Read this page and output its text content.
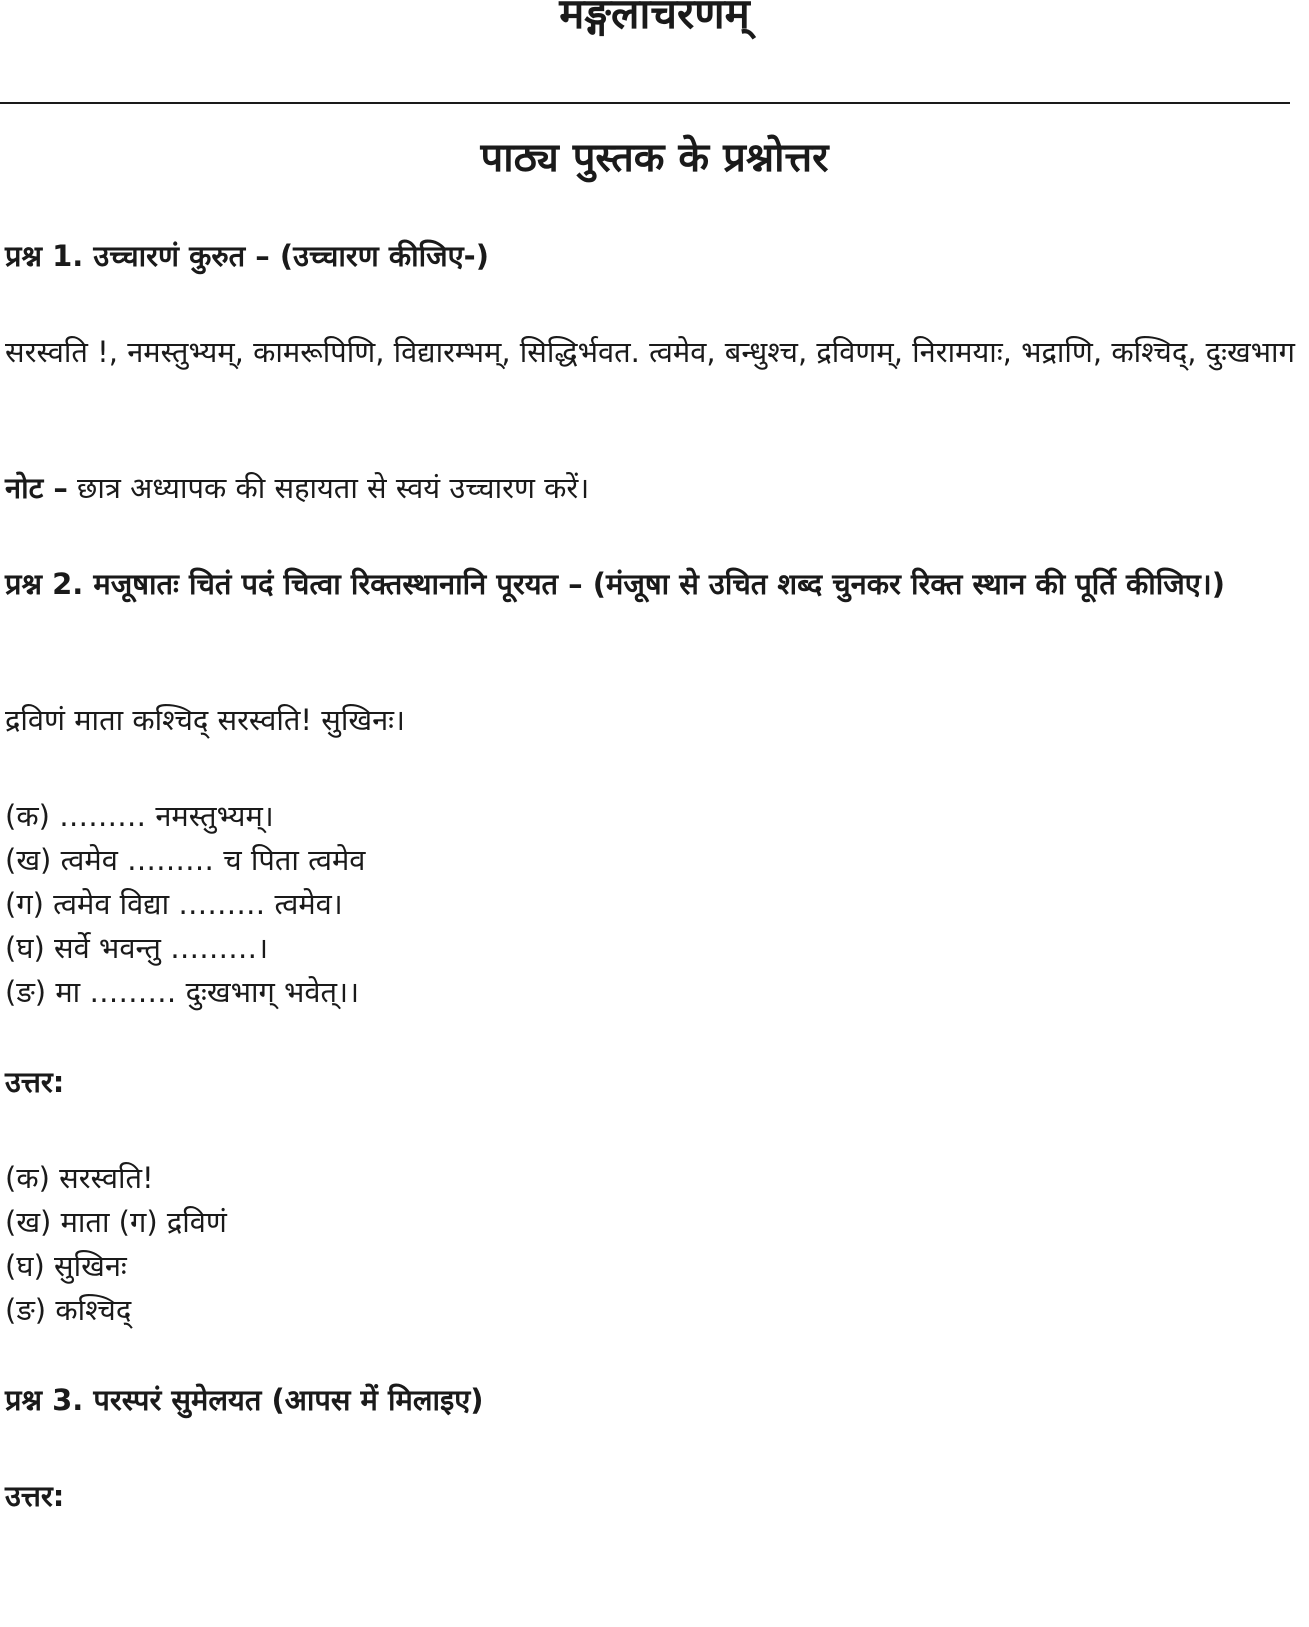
मङ्गलाचरणम्
पाठ्य पुस्तक के प्रश्नोत्तर
प्रश्न 1. उच्चारणं कुरुत – (उच्चारण कीजिए-)
सरस्वति !, नमस्तुभ्यम्, कामरूपिणि, विद्यारम्भम्, सिद्धिर्भवत. त्वमेव, बन्धुश्च, द्रविणम्, निरामयाः, भद्राणि, कश्चिद्, दुःखभाग
नोट – छात्र अध्यापक की सहायता से स्वयं उच्चारण करें।
प्रश्न 2. मजूषातः चितं पदं चित्वा रिक्तस्थानानि पूरयत – (मंजूषा से उचित शब्द चुनकर रिक्त स्थान की पूर्ति कीजिए।)
द्रविणं माता कश्चिद् सरस्वति! सुखिनः।
(क) ……… नमस्तुभ्यम्।
(ख) त्वमेव ……… च पिता त्वमेव
(ग) त्वमेव विद्या ……… त्वमेव।
(घ) सर्वे भवन्तु ………।
(ङ) मा ……… दुःखभाग् भवेत्।।
उत्तर:
(क) सरस्वति!
(ख) माता (ग) द्रविणं
(घ) सुखिनः
(ङ) कश्चिद्
प्रश्न 3. परस्परं सुमेलयत (आपस में मिलाइए)
उत्तर:
